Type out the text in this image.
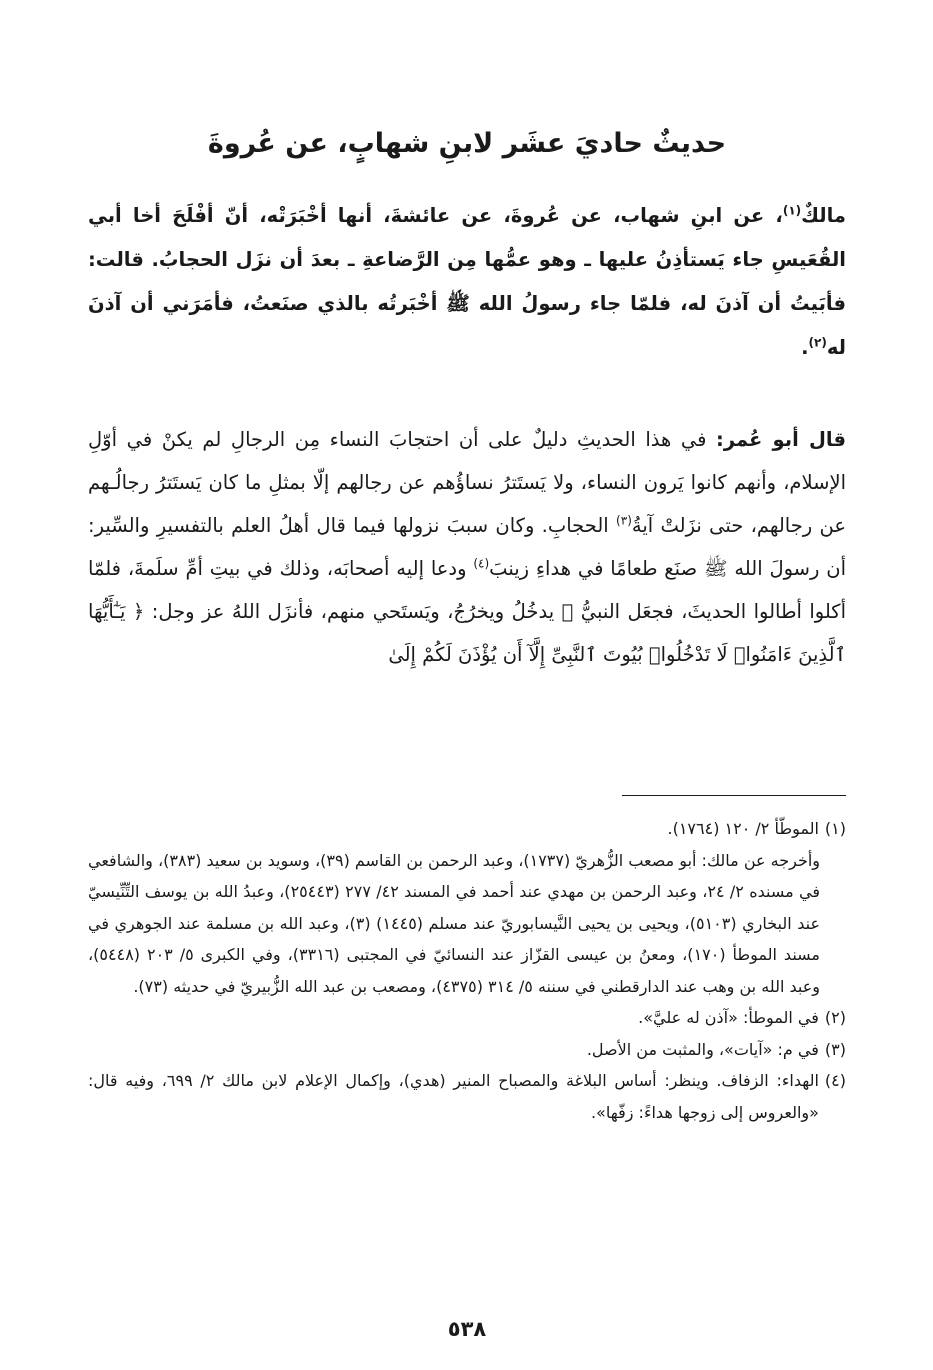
حديثٌ حاديَ عشَر لابنِ شهابٍ، عن عُروةَ

مالكٌ$^{(١)}$، عن ابنِ شهاب، عن عُروةَ، عن عائشةَ، أنها أخْبَرَتْه، أنّ أفْلَحَ أخا أبي القُعَيسِ جاء يَستأذِنُ عليها ـ وهو عمُّها مِن الرَّضاعةِ ـ بعدَ أن نزَل الحجابُ. قالت: فأبَيتُ أن آذنَ له، فلمّا جاء رسولُ الله ﷺ أخْبَرتُه بالذي صنَعتُ، فأمَرَني أن آذنَ له$^{(٢)}$.

قال أبو عُمر: في هذا الحديثِ دليلٌ على أن احتجابَ النساء مِن الرجالِ لم يكنْ في أوّلِ الإسلام، وأنهم كانوا يَرون النساء، ولا يَستَترُ نساؤُهم عن رجالهم إلّا بمثلِ ما كان يَستَترُ رجالُـهم عن رجالهم، حتى نزَلتْ آيةُ$^{(٣)}$ الحجابِ. وكان سببَ نزولها فيما قال أهلُ العلم بالتفسيرِ والسِّير: أن رسولَ الله ﷺ صنَع طعامًا في هداءِ زينبَ$^{(٤)}$ ودعا إليه أصحابَه، وذلك في بيتِ أمِّ سلَمةَ، فلمّا أكلوا أطالوا الحديثَ، فجعَل النبيُّ ﷺ يدخُلُ ويخرُجُ، ويَستَحي منهم، فأنزَل اللهُ عز وجل: ﴿ يَـٰٓأَيُّهَا ٱلَّذِينَ ءَامَنُوا۟ لَا تَدْخُلُوا۟ بُيُوتَ ٱلنَّبِىِّ إِلَّآ أَن يُؤْذَنَ لَكُمْ إِلَىٰ

(١)
الموطّأ ٢/ ١٢٠ (١٧٦٤).
وأخرجه عن مالك: أبو مصعب الزُّهريّ (١٧٣٧)، وعبد الرحمن بن القاسم (٣٩)، وسويد بن سعيد (٣٨٣)، والشافعي في مسنده ٢/ ٢٤، وعبد الرحمن بن مهدي عند أحمد في المسند ٤٢/ ٢٧٧ (٢٥٤٤٣)، وعبدُ الله بن يوسف التِّنِّيسيّ عند البخاري (٥١٠٣)، ويحيى بن يحيى النَّيسابوريّ عند مسلم (١٤٤٥) (٣)، وعبد الله بن مسلمة عند الجوهري في مسند الموطأ (١٧٠)، ومعنُ بن عيسى القزّاز عند النسائيّ في المجتبى (٣٣١٦)، وفي الكبرى ٥/ ٢٠٣ (٥٤٤٨)، وعبد الله بن وهب عند الدارقطني في سننه ٥/ ٣١٤ (٤٣٧٥)، ومصعب بن عبد الله الزُّبيريّ في حديثه (٧٣).
(٢)
في الموطأ: «آذن له عليَّ».
(٣)
في م: «آيات»، والمثبت من الأصل.
(٤)
الهداء: الزفاف. وينظر: أساس البلاغة والمصباح المنير (هدي)، وإكمال الإعلام لابن مالك ٢/ ٦٩٩، وفيه قال: «والعروس إلى زوجها هداءً: زفّها».
٥٣٨
